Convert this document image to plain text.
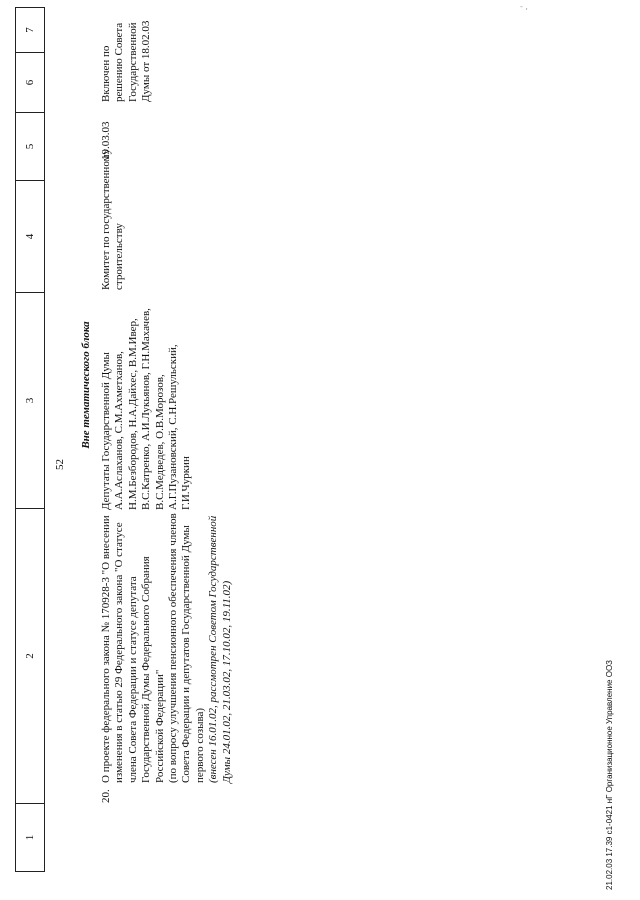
52
1
2
3
4
5
6
7
Вне тематического блока
20.
О проекте федерального закона № 170928-3 "О внесении изменения в статью 29 Федерального закона "О статусе члена Совета Федерации и статусе депутата Государственной Думы Федерального Собрания Российской Федерации" (по вопросу улучшения пенсионного обеспечения членов Совета Федерации и депутатов Государственной Думы первого созыва) (внесен 16.01.02, рассмотрен Советом Государственной Думы 24.01.02, 21.03.02, 17.10.02, 19.11.02)
Депутаты Государственной Думы А.А.Аслаханов, С.М.Ахметханов, Н.М.Безбородов, Н.А.Дайхес, В.М.Ивер, В.С.Катренко, А.И.Лукьянов, Г.Н.Махачев, В.С.Медведев, О.В.Морозов, А.Г.Пузановский, С.Н.Решульский, Г.И.Чуркин
Комитет по государственному строительству
19.03.03
Включен по решению Совета Государственной Думы от 18.02.03
21.02.03 17.39 с1-0421 нГ Организационное Управление ООЗ
- ,
